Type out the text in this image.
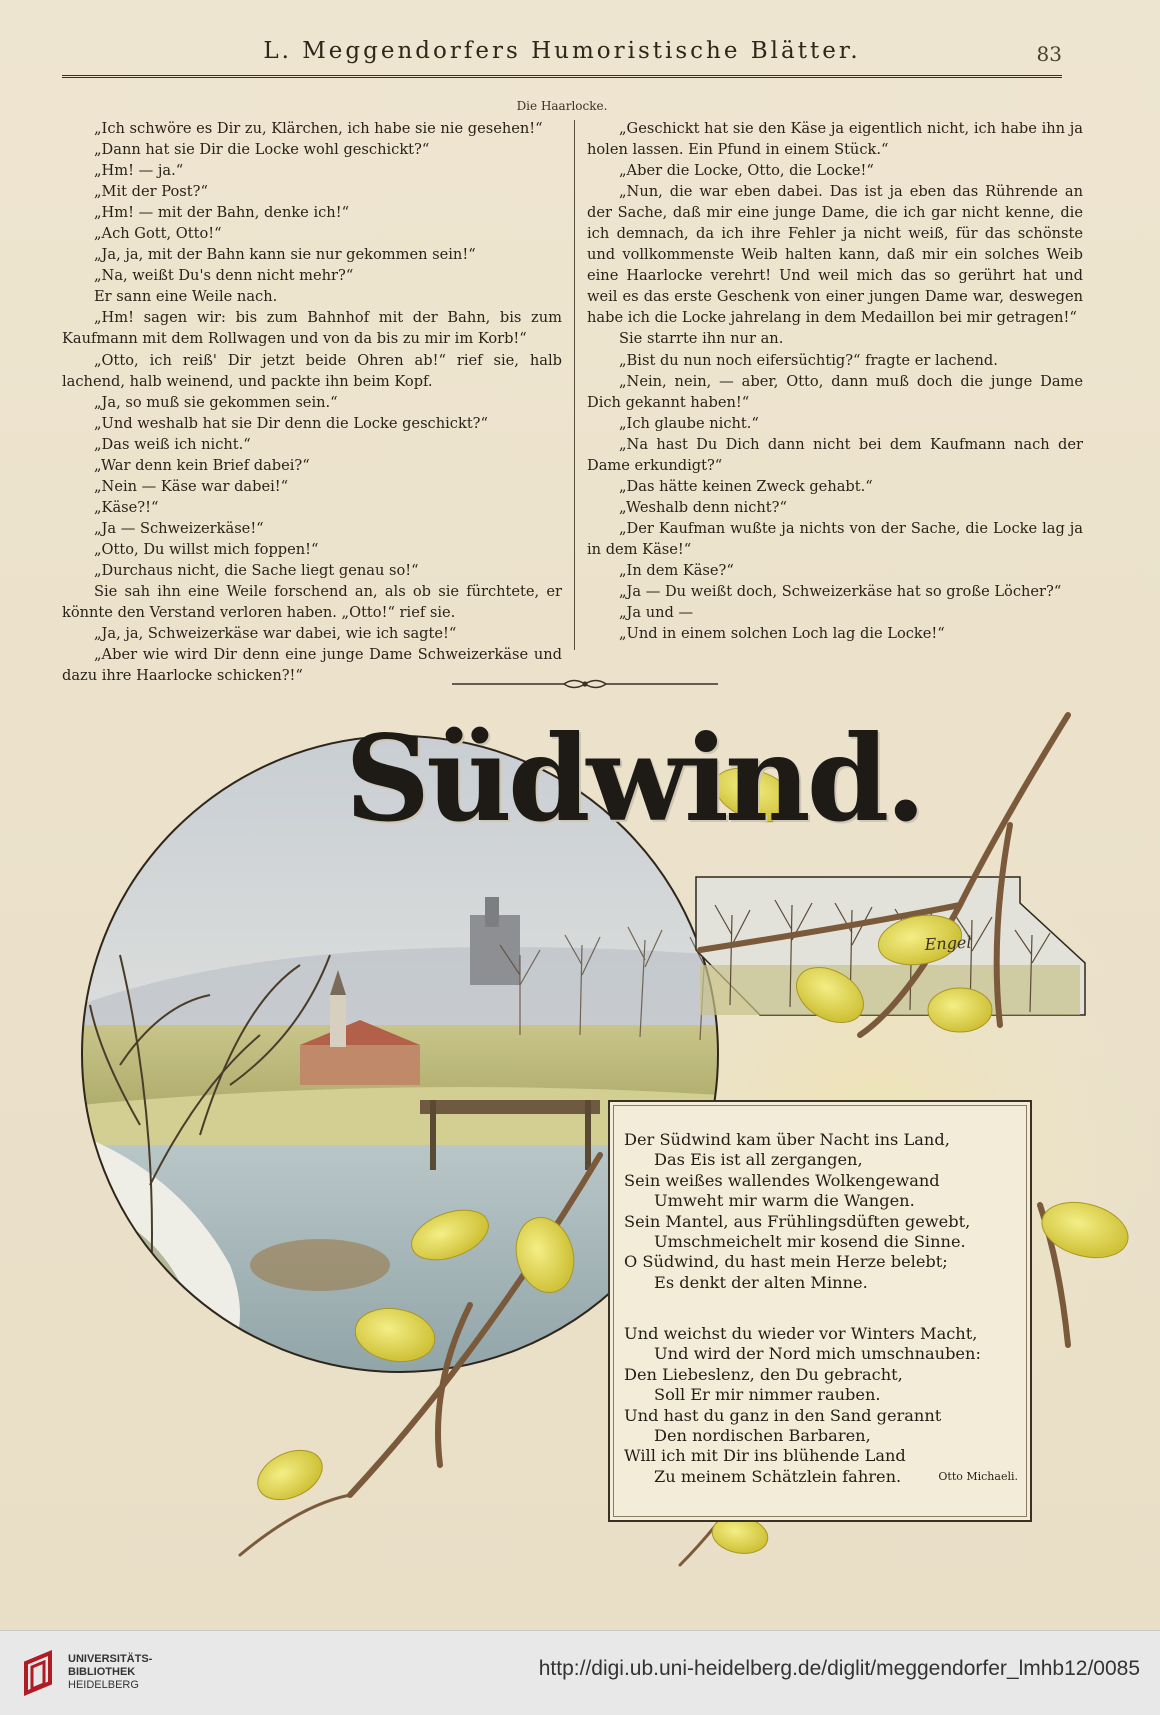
L. Meggendorfers Humoristische Blätter.	83
Die Haarlocke.

„Ich schwöre es Dir zu, Klärchen, ich habe sie nie gesehen!“

„Dann hat sie Dir die Locke wohl geschickt?“

„Hm! — ja.“

„Mit der Post?“

„Hm! — mit der Bahn, denke ich!“

„Ach Gott, Otto!“

„Ja, ja, mit der Bahn kann sie nur gekommen sein!“

„Na, weißt Du's denn nicht mehr?“

Er sann eine Weile nach.

„Hm! sagen wir: bis zum Bahnhof mit der Bahn, bis zum Kaufmann mit dem Rollwagen und von da bis zu mir im Korb!“

„Otto, ich reiß' Dir jetzt beide Ohren ab!“ rief sie, halb lachend, halb weinend, und packte ihn beim Kopf.

„Ja, so muß sie gekommen sein.“

„Und weshalb hat sie Dir denn die Locke geschickt?“

„Das weiß ich nicht.“

„War denn kein Brief dabei?“

„Nein — Käse war dabei!“

„Käse?!“

„Ja — Schweizerkäse!“

„Otto, Du willst mich foppen!“

„Durchaus nicht, die Sache liegt genau so!“

Sie sah ihn eine Weile forschend an, als ob sie fürchtete, er könnte den Verstand verloren haben. „Otto!“ rief sie.

„Ja, ja, Schweizerkäse war dabei, wie ich sagte!“

„Aber wie wird Dir denn eine junge Dame Schweizerkäse und dazu ihre Haarlocke schicken?!“

„Geschickt hat sie den Käse ja eigentlich nicht, ich habe ihn ja holen lassen. Ein Pfund in einem Stück.“

„Aber die Locke, Otto, die Locke!“

„Nun, die war eben dabei. Das ist ja eben das Rührende an der Sache, daß mir eine junge Dame, die ich gar nicht kenne, die ich demnach, da ich ihre Fehler ja nicht weiß, für das schönste und vollkommenste Weib halten kann, daß mir ein solches Weib eine Haarlocke verehrt! Und weil mich das so gerührt hat und weil es das erste Geschenk von einer jungen Dame war, deswegen habe ich die Locke jahrelang in dem Medaillon bei mir getragen!“

Sie starrte ihn nur an.

„Bist du nun noch eifersüchtig?“ fragte er lachend.

„Nein, nein, — aber, Otto, dann muß doch die junge Dame Dich gekannt haben!“

„Ich glaube nicht.“

„Na hast Du Dich dann nicht bei dem Kaufmann nach der Dame erkundigt?“

„Das hätte keinen Zweck gehabt.“

„Weshalb denn nicht?“

„Der Kaufman wußte ja nichts von der Sache, die Locke lag ja in dem Käse!“

„In dem Käse?“

„Ja — Du weißt doch, Schweizerkäse hat so große Löcher?“

„Ja und —

„Und in einem solchen Loch lag die Locke!“

Engel
Südwind.
Der Südwind kam über Nacht ins Land,
Das Eis ist all zergangen,
Sein weißes wallendes Wolkengewand
Umweht mir warm die Wangen.
Sein Mantel, aus Frühlingsdüften gewebt,
Umschmeichelt mir kosend die Sinne.
O Südwind, du hast mein Herze belebt;
Es denkt der alten Minne.
Und weichst du wieder vor Winters Macht,
Und wird der Nord mich umschnauben:
Den Liebeslenz, den Du gebracht,
Soll Er mir nimmer rauben.
Und hast du ganz in den Sand gerannt
Den nordischen Barbaren,
Will ich mit Dir ins blühende Land
Zu meinem Schätzlein fahren.	Otto Michaeli.
UNIVERSITÄTS-
BIBLIOTHEK
HEIDELBERG
http://digi.ub.uni-heidelberg.de/diglit/meggendorfer_lmhb12/0085
